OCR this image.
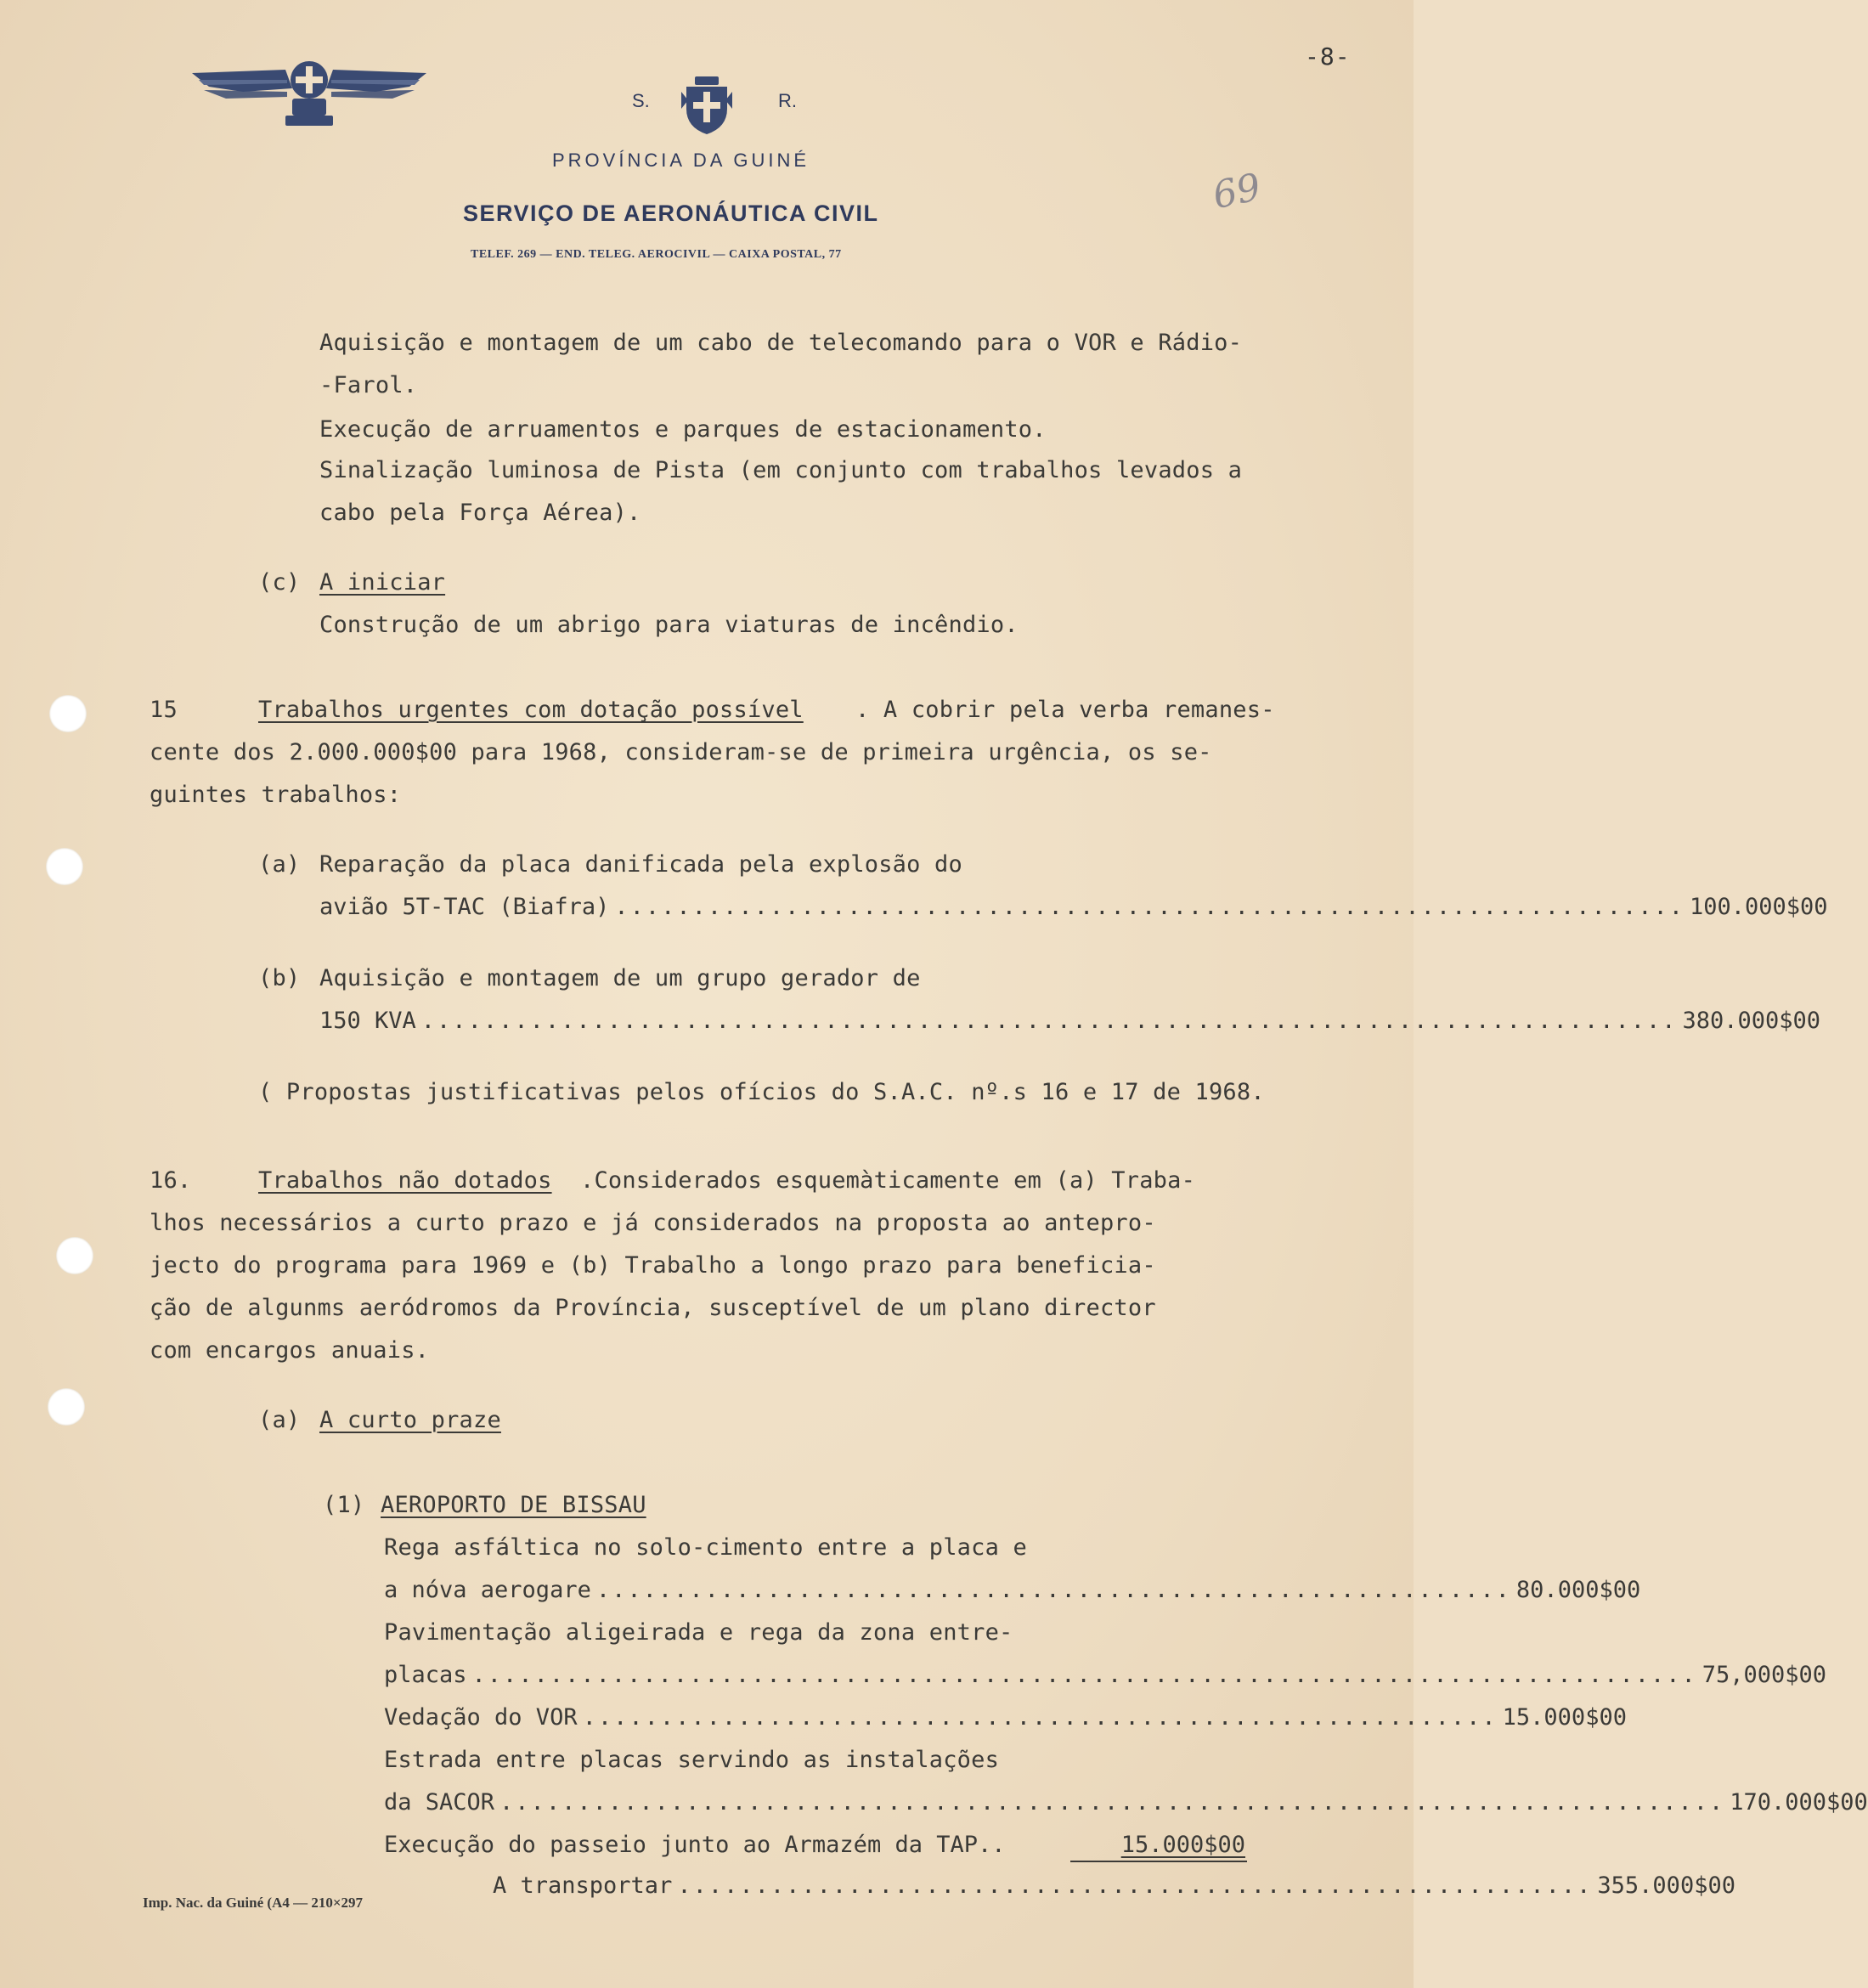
S.	R.
PROVÍNCIA DA GUINÉ
SERVIÇO DE AERONÁUTICA CIVIL
TELEF. 269 — END. TELEG. AEROCIVIL — CAIXA POSTAL, 77
-8-
69
Aquisição e montagem de um cabo de telecomando para o VOR e Rádio-
-Farol.
Execução de arruamentos e parques de estacionamento.
Sinalização luminosa de Pista (em conjunto com trabalhos levados a
cabo pela Força Aérea).
(c) A iniciar
Construção de um abrigo para viaturas de incêndio.
15	Trabalhos urgentes com dotação possível . A cobrir pela verba remanes-
cente dos 2.000.000$00 para 1968, consideram-se de primeira urgência, os se-
guintes trabalhos:
(a) Reparação da placa danificada pela explosão do
avião 5T-TAC (Biafra) ..................................................................... 100.000$00
(b) Aquisição e montagem de um grupo gerador de
150 KVA ................................................................................. 380.000$00
( Propostas justificativas pelos ofícios do S.A.C. nº.s 16 e 17 de 1968.
16.	Trabalhos não dotados .Considerados esquemàticamente em (a) Traba-
lhos necessários a curto prazo e já considerados na proposta ao antepro-
jecto do programa para 1969 e (b) Trabalho a longo prazo para beneficia-
ção de algunms aeródromos da Província, susceptível de um plano director
com encargos anuais.
(a) A curto praze
(1) AEROPORTO DE BISSAU
Rega asfáltica no solo-cimento entre a placa e
a nóva aerogare ........................................................... 80.000$00
Pavimentação aligeirada e rega da zona entre-
placas ............................................................................... 75,000$00
Vedação do VOR ........................................................... 15.000$00
Estrada entre placas servindo as instalações
da SACOR ............................................................................... 170.000$00
Execução do passeio junto ao Armazém da TAP..	15.000$00
A transportar ........................................................... 355.000$00
Imp. Nac. da Guiné (A4 — 210×297
